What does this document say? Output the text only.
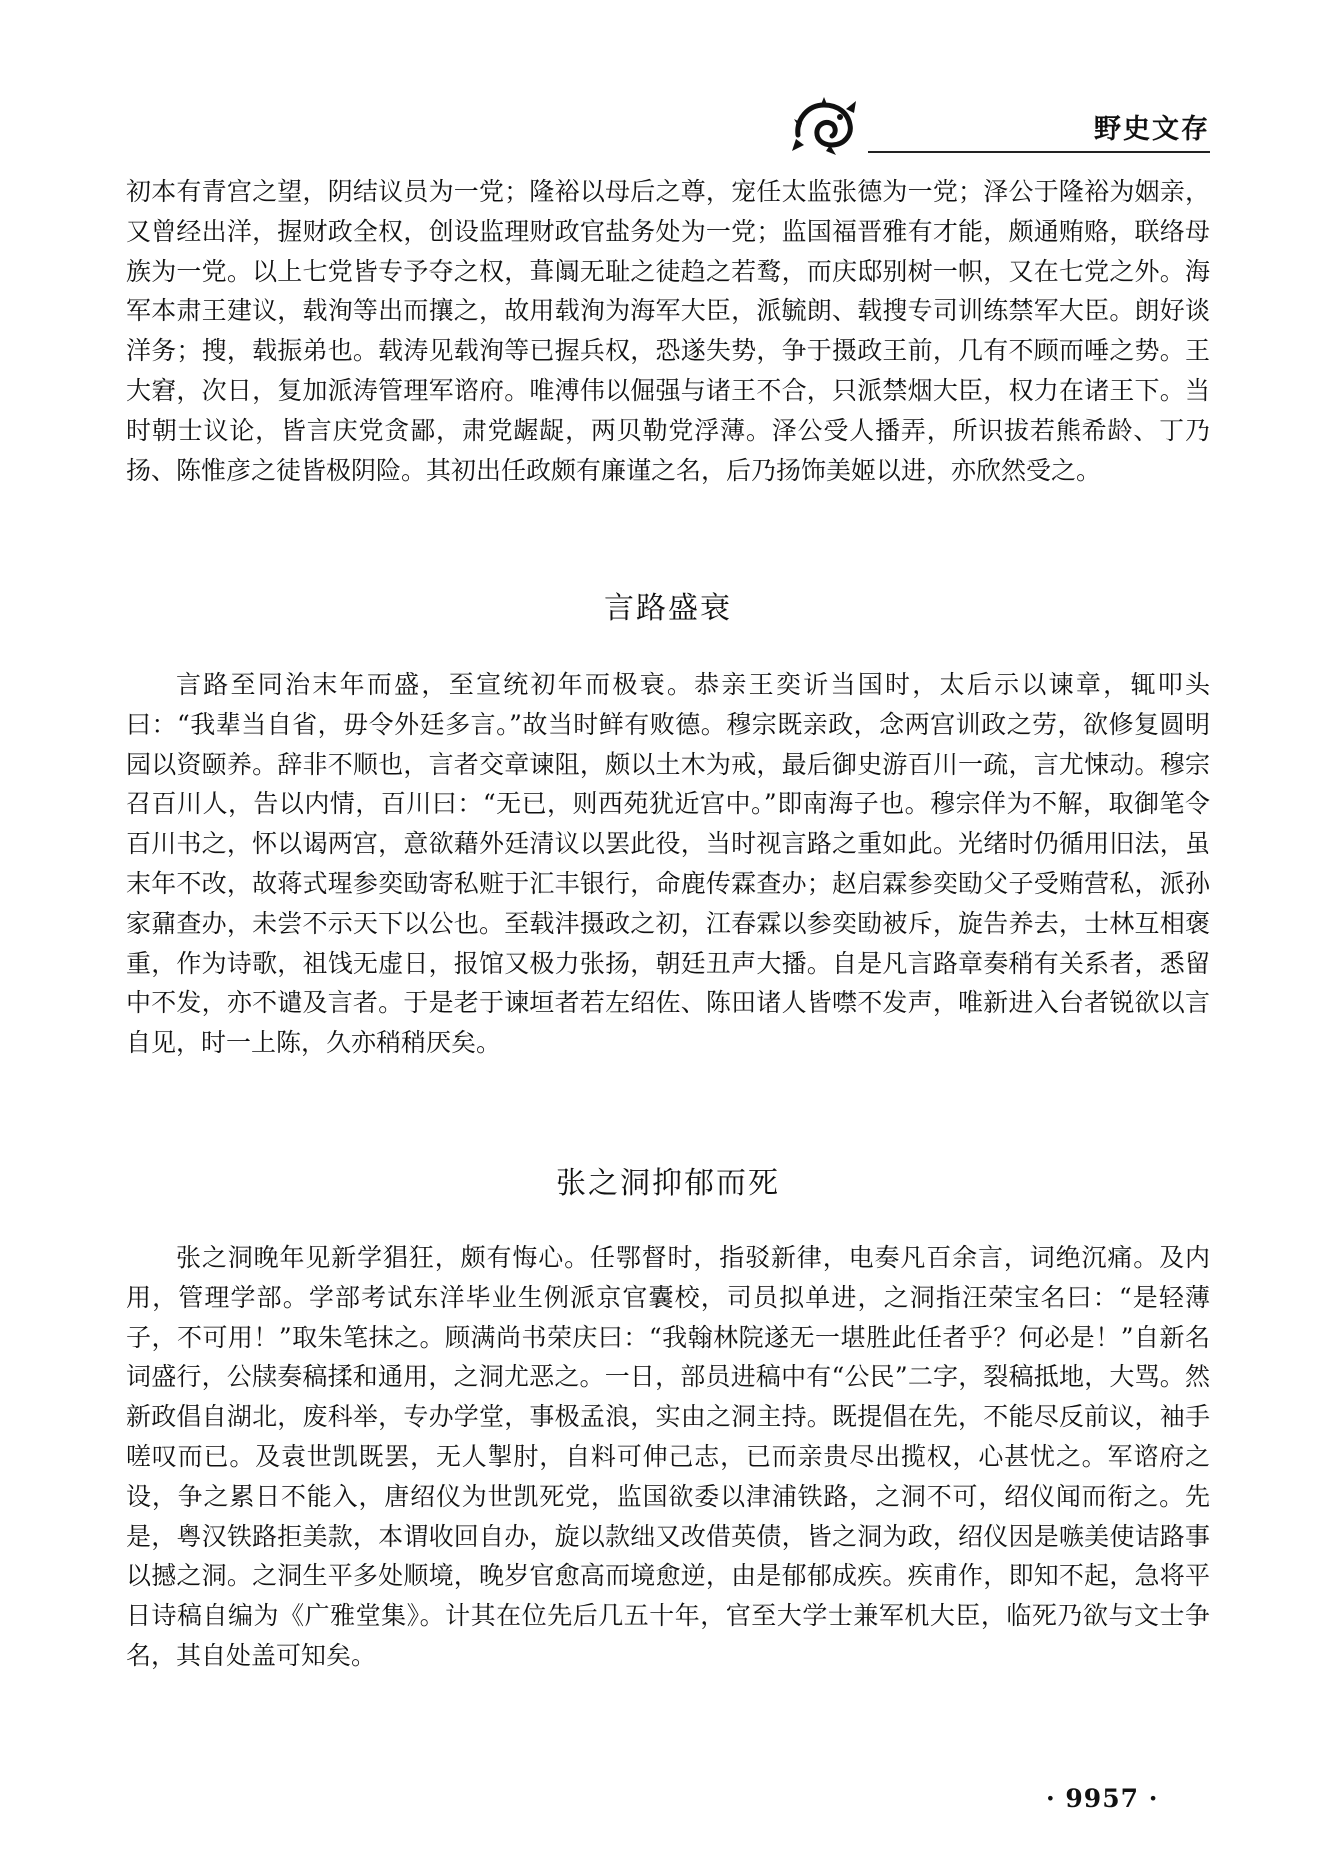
野史文存
初本有青宫之望，阴结议员为一党；隆裕以母后之尊，宠任太监张德为一党；泽公于隆裕为姻亲，又曾经出洋，握财政全权，创设监理财政官盐务处为一党；监国福晋雅有才能，颇通贿赂，联络母族为一党。以上七党皆专予夺之权，葺阘无耻之徒趋之若鹜，而庆邸别树一帜，又在七党之外。海军本肃王建议，载洵等出而攘之，故用载洵为海军大臣，派毓朗、载搜专司训练禁军大臣。朗好谈洋务；搜，载振弟也。载涛见载洵等已握兵权，恐遂失势，争于摄政王前，几有不顾而唾之势。王大窘，次日，复加派涛管理军谘府。唯溥伟以倔强与诸王不合，只派禁烟大臣，权力在诸王下。当时朝士议论，皆言庆党贪鄙，肃党龌龊，两贝勒党浮薄。泽公受人播弄，所识拔若熊希龄、丁乃扬、陈惟彦之徒皆极阴险。其初出任政颇有廉谨之名，后乃扬饰美姬以进，亦欣然受之。
言路盛衰
言路至同治末年而盛，至宣统初年而极衰。恭亲王奕䜣当国时，太后示以谏章，辄叩头曰：“我辈当自省，毋令外廷多言。”故当时鲜有败德。穆宗既亲政，念两宫训政之劳，欲修复圆明园以资颐养。辞非不顺也，言者交章谏阻，颇以土木为戒，最后御史游百川一疏，言尤悚动。穆宗召百川人，告以内情，百川曰：“无已，则西苑犹近宫中。”即南海子也。穆宗佯为不解，取御笔令百川书之，怀以谒两宫，意欲藉外廷清议以罢此役，当时视言路之重如此。光绪时仍循用旧法，虽末年不改，故蒋式瑆参奕劻寄私赃于汇丰银行，命鹿传霖查办；赵启霖参奕劻父子受贿营私，派孙家鼐查办，未尝不示天下以公也。至载沣摄政之初，江春霖以参奕劻被斥，旋告养去，士林互相褒重，作为诗歌，祖饯无虚日，报馆又极力张扬，朝廷丑声大播。自是凡言路章奏稍有关系者，悉留中不发，亦不谴及言者。于是老于谏垣者若左绍佐、陈田诸人皆噤不发声，唯新进入台者锐欲以言自见，时一上陈，久亦稍稍厌矣。
张之洞抑郁而死
张之洞晚年见新学猖狂，颇有悔心。任鄂督时，指驳新律，电奏凡百余言，词绝沉痛。及内用，管理学部。学部考试东洋毕业生例派京官囊校，司员拟单进，之洞指汪荣宝名曰：“是轻薄子，不可用！”取朱笔抹之。顾满尚书荣庆曰：“我翰林院遂无一堪胜此任者乎？何必是！”自新名词盛行，公牍奏稿揉和通用，之洞尤恶之。一日，部员进稿中有“公民”二字，裂稿抵地，大骂。然新政倡自湖北，废科举，专办学堂，事极孟浪，实由之洞主持。既提倡在先，不能尽反前议，袖手嗟叹而已。及袁世凯既罢，无人掣肘，自料可伸己志，已而亲贵尽出揽权，心甚忧之。军谘府之设，争之累日不能入，唐绍仪为世凯死党，监国欲委以津浦铁路，之洞不可，绍仪闻而衔之。先是，粤汉铁路拒美款，本谓收回自办，旋以款绌又改借英债，皆之洞为政，绍仪因是嗾美使诘路事以撼之洞。之洞生平多处顺境，晚岁官愈高而境愈逆，由是郁郁成疾。疾甫作，即知不起，急将平日诗稿自编为《广雅堂集》。计其在位先后几五十年，官至大学士兼军机大臣，临死乃欲与文士争名，其自处盖可知矣。
· 9957 ·
